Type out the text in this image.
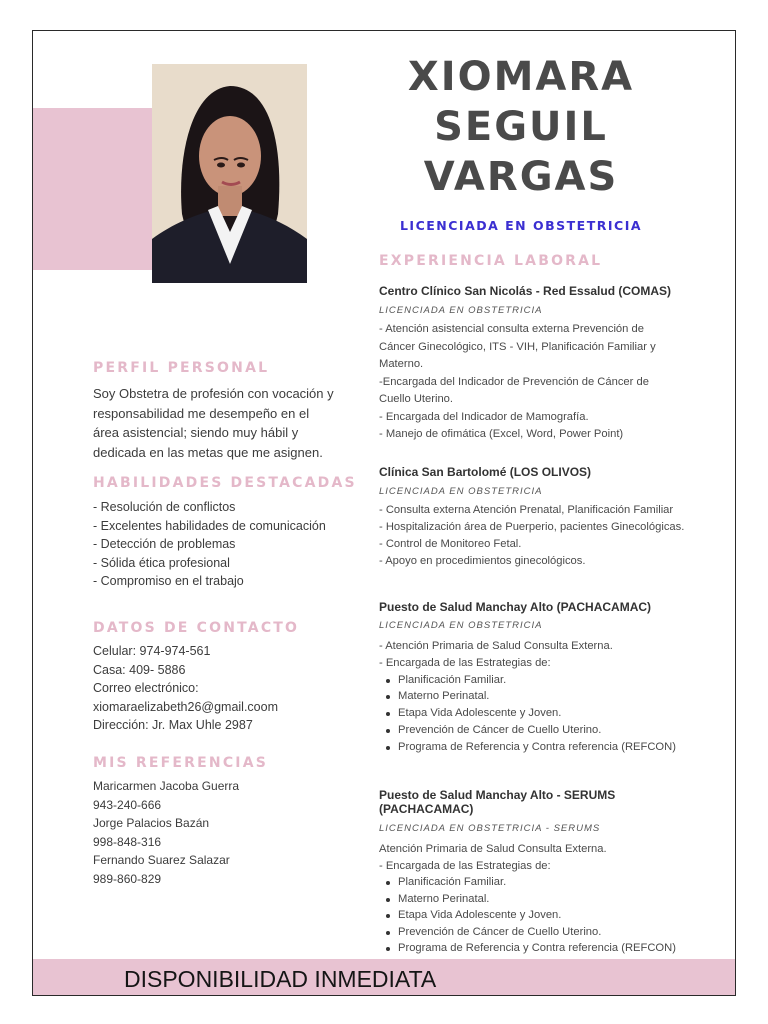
XIOMARA
SEGUIL
VARGAS
LICENCIADA EN OBSTETRICIA
PERFIL PERSONAL
Soy Obstetra de profesión con vocación y
responsabilidad me desempeño en el
área asistencial; siendo muy hábil y
dedicada en las metas que me asignen.
HABILIDADES DESTACADAS
- Resolución de conflictos
- Excelentes habilidades de comunicación
- Detección de problemas
- Sólida ética profesional
- Compromiso en el trabajo
DATOS DE CONTACTO
Celular: 974-974-561
Casa: 409- 5886
Correo electrónico:
xiomaraelizabeth26@gmail.coom
Dirección: Jr. Max Uhle 2987
MIS REFERENCIAS
Maricarmen Jacoba Guerra
943-240-666
Jorge Palacios Bazán
998-848-316
Fernando Suarez Salazar
989-860-829
EXPERIENCIA LABORAL
Centro Clínico San Nicolás - Red Essalud (COMAS)
LICENCIADA EN OBSTETRICIA
- Atención asistencial consulta externa Prevención de
Cáncer Ginecológico, ITS - VIH, Planificación Familiar y
Materno.
-Encargada del Indicador de Prevención de Cáncer de
Cuello Uterino.
- Encargada del Indicador de Mamografía.
- Manejo de ofimática (Excel, Word, Power Point)
Clínica San Bartolomé (LOS OLIVOS)
LICENCIADA EN OBSTETRICIA
- Consulta externa Atención Prenatal, Planificación Familiar
- Hospitalización área de Puerperio, pacientes Ginecológicas.
- Control de Monitoreo Fetal.
- Apoyo en procedimientos ginecológicos.
Puesto de Salud Manchay Alto (PACHACAMAC)
LICENCIADA EN OBSTETRICIA
- Atención Primaria de Salud Consulta Externa.
- Encargada de las Estrategias de:
Planificación Familiar.
Materno Perinatal.
Etapa Vida Adolescente y Joven.
Prevención de Cáncer de Cuello Uterino.
Programa de Referencia y Contra referencia (REFCON)
Puesto de Salud Manchay Alto - SERUMS
(PACHACAMAC)
LICENCIADA EN OBSTETRICIA - SERUMS
Atención Primaria de Salud Consulta Externa.
- Encargada de las Estrategias de:
Planificación Familiar.
Materno Perinatal.
Etapa Vida Adolescente y Joven.
Prevención de Cáncer de Cuello Uterino.
Programa de Referencia y Contra referencia (REFCON)
DISPONIBILIDAD INMEDIATA
